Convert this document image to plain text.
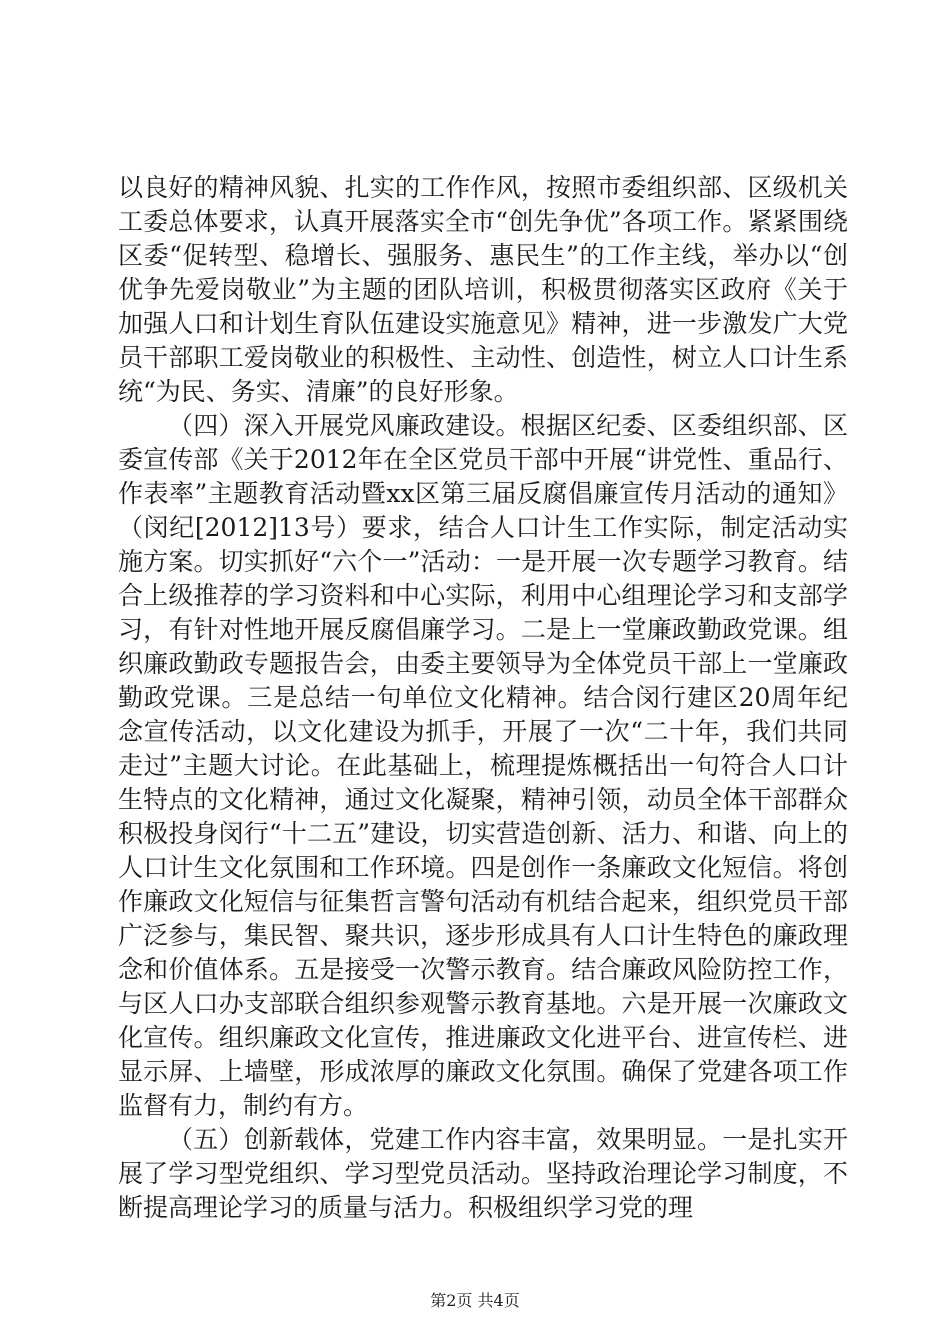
以良好的精神风貌、扎实的工作作风，按照市委组织部、区级机关工委总体要求，认真开展落实全市“创先争优”各项工作。紧紧围绕区委“促转型、稳增长、强服务、惠民生”的工作主线，举办以“创优争先爱岗敬业”为主题的团队培训，积极贯彻落实区政府《关于加强人口和计划生育队伍建设实施意见》精神，进一步激发广大党员干部职工爱岗敬业的积极性、主动性、创造性，树立人口计生系统“为民、务实、清廉”的良好形象。

（四）深入开展党风廉政建设。根据区纪委、区委组织部、区委宣传部《关于2012年在全区党员干部中开展“讲党性、重品行、作表率”主题教育活动暨xx区第三届反腐倡廉宣传月活动的通知》（闵纪[2012]13号）要求，结合人口计生工作实际，制定活动实施方案。切实抓好“六个一”活动：一是开展一次专题学习教育。结合上级推荐的学习资料和中心实际，利用中心组理论学习和支部学习，有针对性地开展反腐倡廉学习。二是上一堂廉政勤政党课。组织廉政勤政专题报告会，由委主要领导为全体党员干部上一堂廉政勤政党课。三是总结一句单位文化精神。结合闵行建区20周年纪念宣传活动，以文化建设为抓手，开展了一次“二十年，我们共同走过”主题大讨论。在此基础上，梳理提炼概括出一句符合人口计生特点的文化精神，通过文化凝聚，精神引领，动员全体干部群众积极投身闵行“十二五”建设，切实营造创新、活力、和谐、向上的人口计生文化氛围和工作环境。四是创作一条廉政文化短信。将创作廉政文化短信与征集哲言警句活动有机结合起来，组织党员干部广泛参与，集民智、聚共识，逐步形成具有人口计生特色的廉政理念和价值体系。五是接受一次警示教育。结合廉政风险防控工作，与区人口办支部联合组织参观警示教育基地。六是开展一次廉政文化宣传。组织廉政文化宣传，推进廉政文化进平台、进宣传栏、进显示屏、上墙壁，形成浓厚的廉政文化氛围。确保了党建各项工作监督有力，制约有方。

（五）创新载体，党建工作内容丰富，效果明显。一是扎实开展了学习型党组织、学习型党员活动。坚持政治理论学习制度，不断提高理论学习的质量与活力。积极组织学习党的理

第2页 共4页
